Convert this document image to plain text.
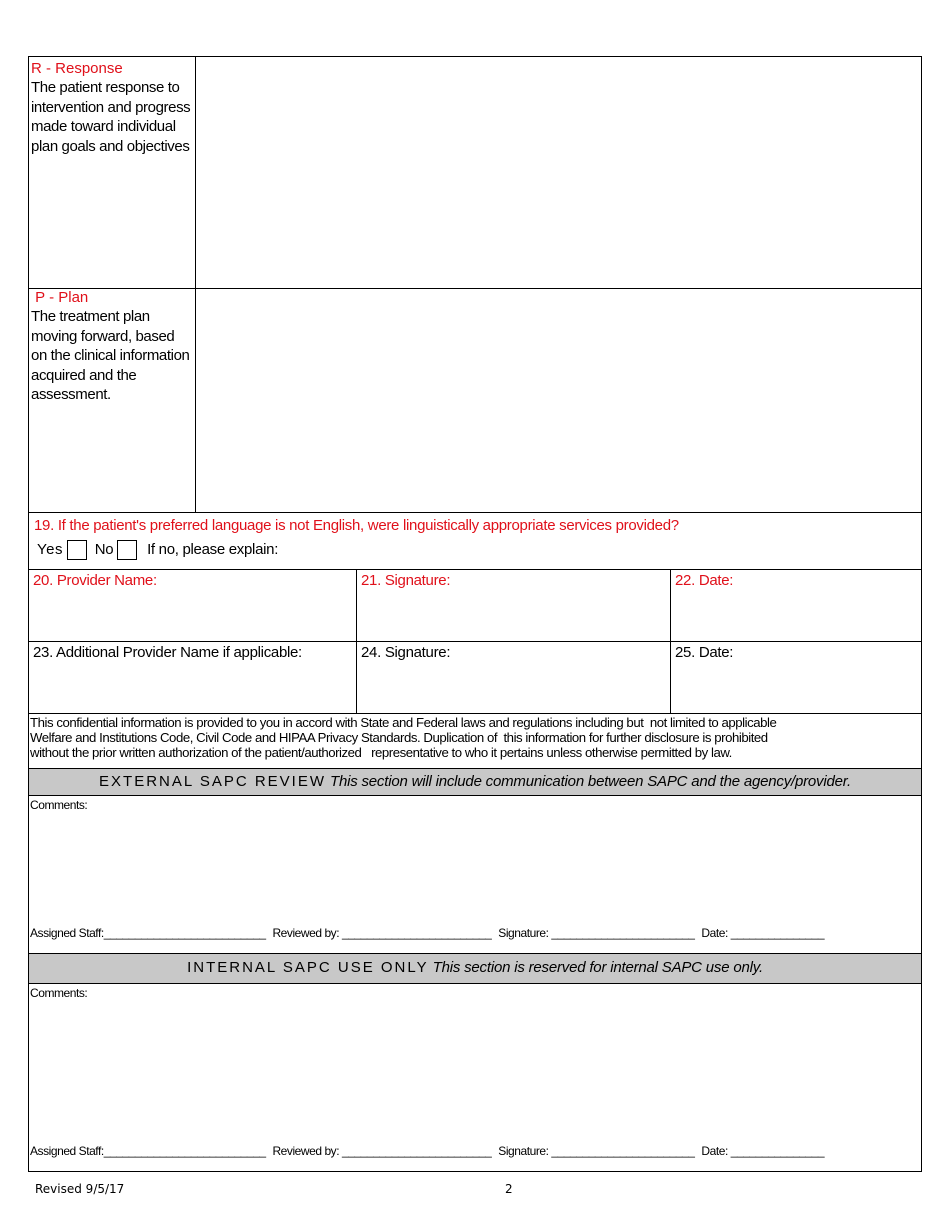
R - Response
The patient response to intervention and progress made toward individual plan goals and objectives
P - Plan
The treatment plan moving forward, based on the clinical information acquired and the assessment.
19. If the patient's preferred language is not English, were linguistically appropriate services provided?
Yes No If no, please explain:
20. Provider Name:	21. Signature:	22. Date:
23. Additional Provider Name if applicable:	24. Signature:	25. Date:
This confidential information is provided to you in accord with State and Federal laws and regulations including but  not limited to applicable
Welfare and Institutions Code, Civil Code and HIPAA Privacy Standards. Duplication of  this information for further disclosure is prohibited
without the prior written authorization of the patient/authorized   representative to who it pertains unless otherwise permitted by law.
EXTERNAL SAPC REVIEW This section will include communication between SAPC and the agency/provider.
Comments:
Assigned Staff:__________________________ Reviewed by: ________________________ Signature: _______________________ Date: _______________
INTERNAL SAPC USE ONLY This section is reserved for internal SAPC use only.
Comments:
Assigned Staff:__________________________ Reviewed by: ________________________ Signature: _______________________ Date: _______________
Revised 9/5/17	2
